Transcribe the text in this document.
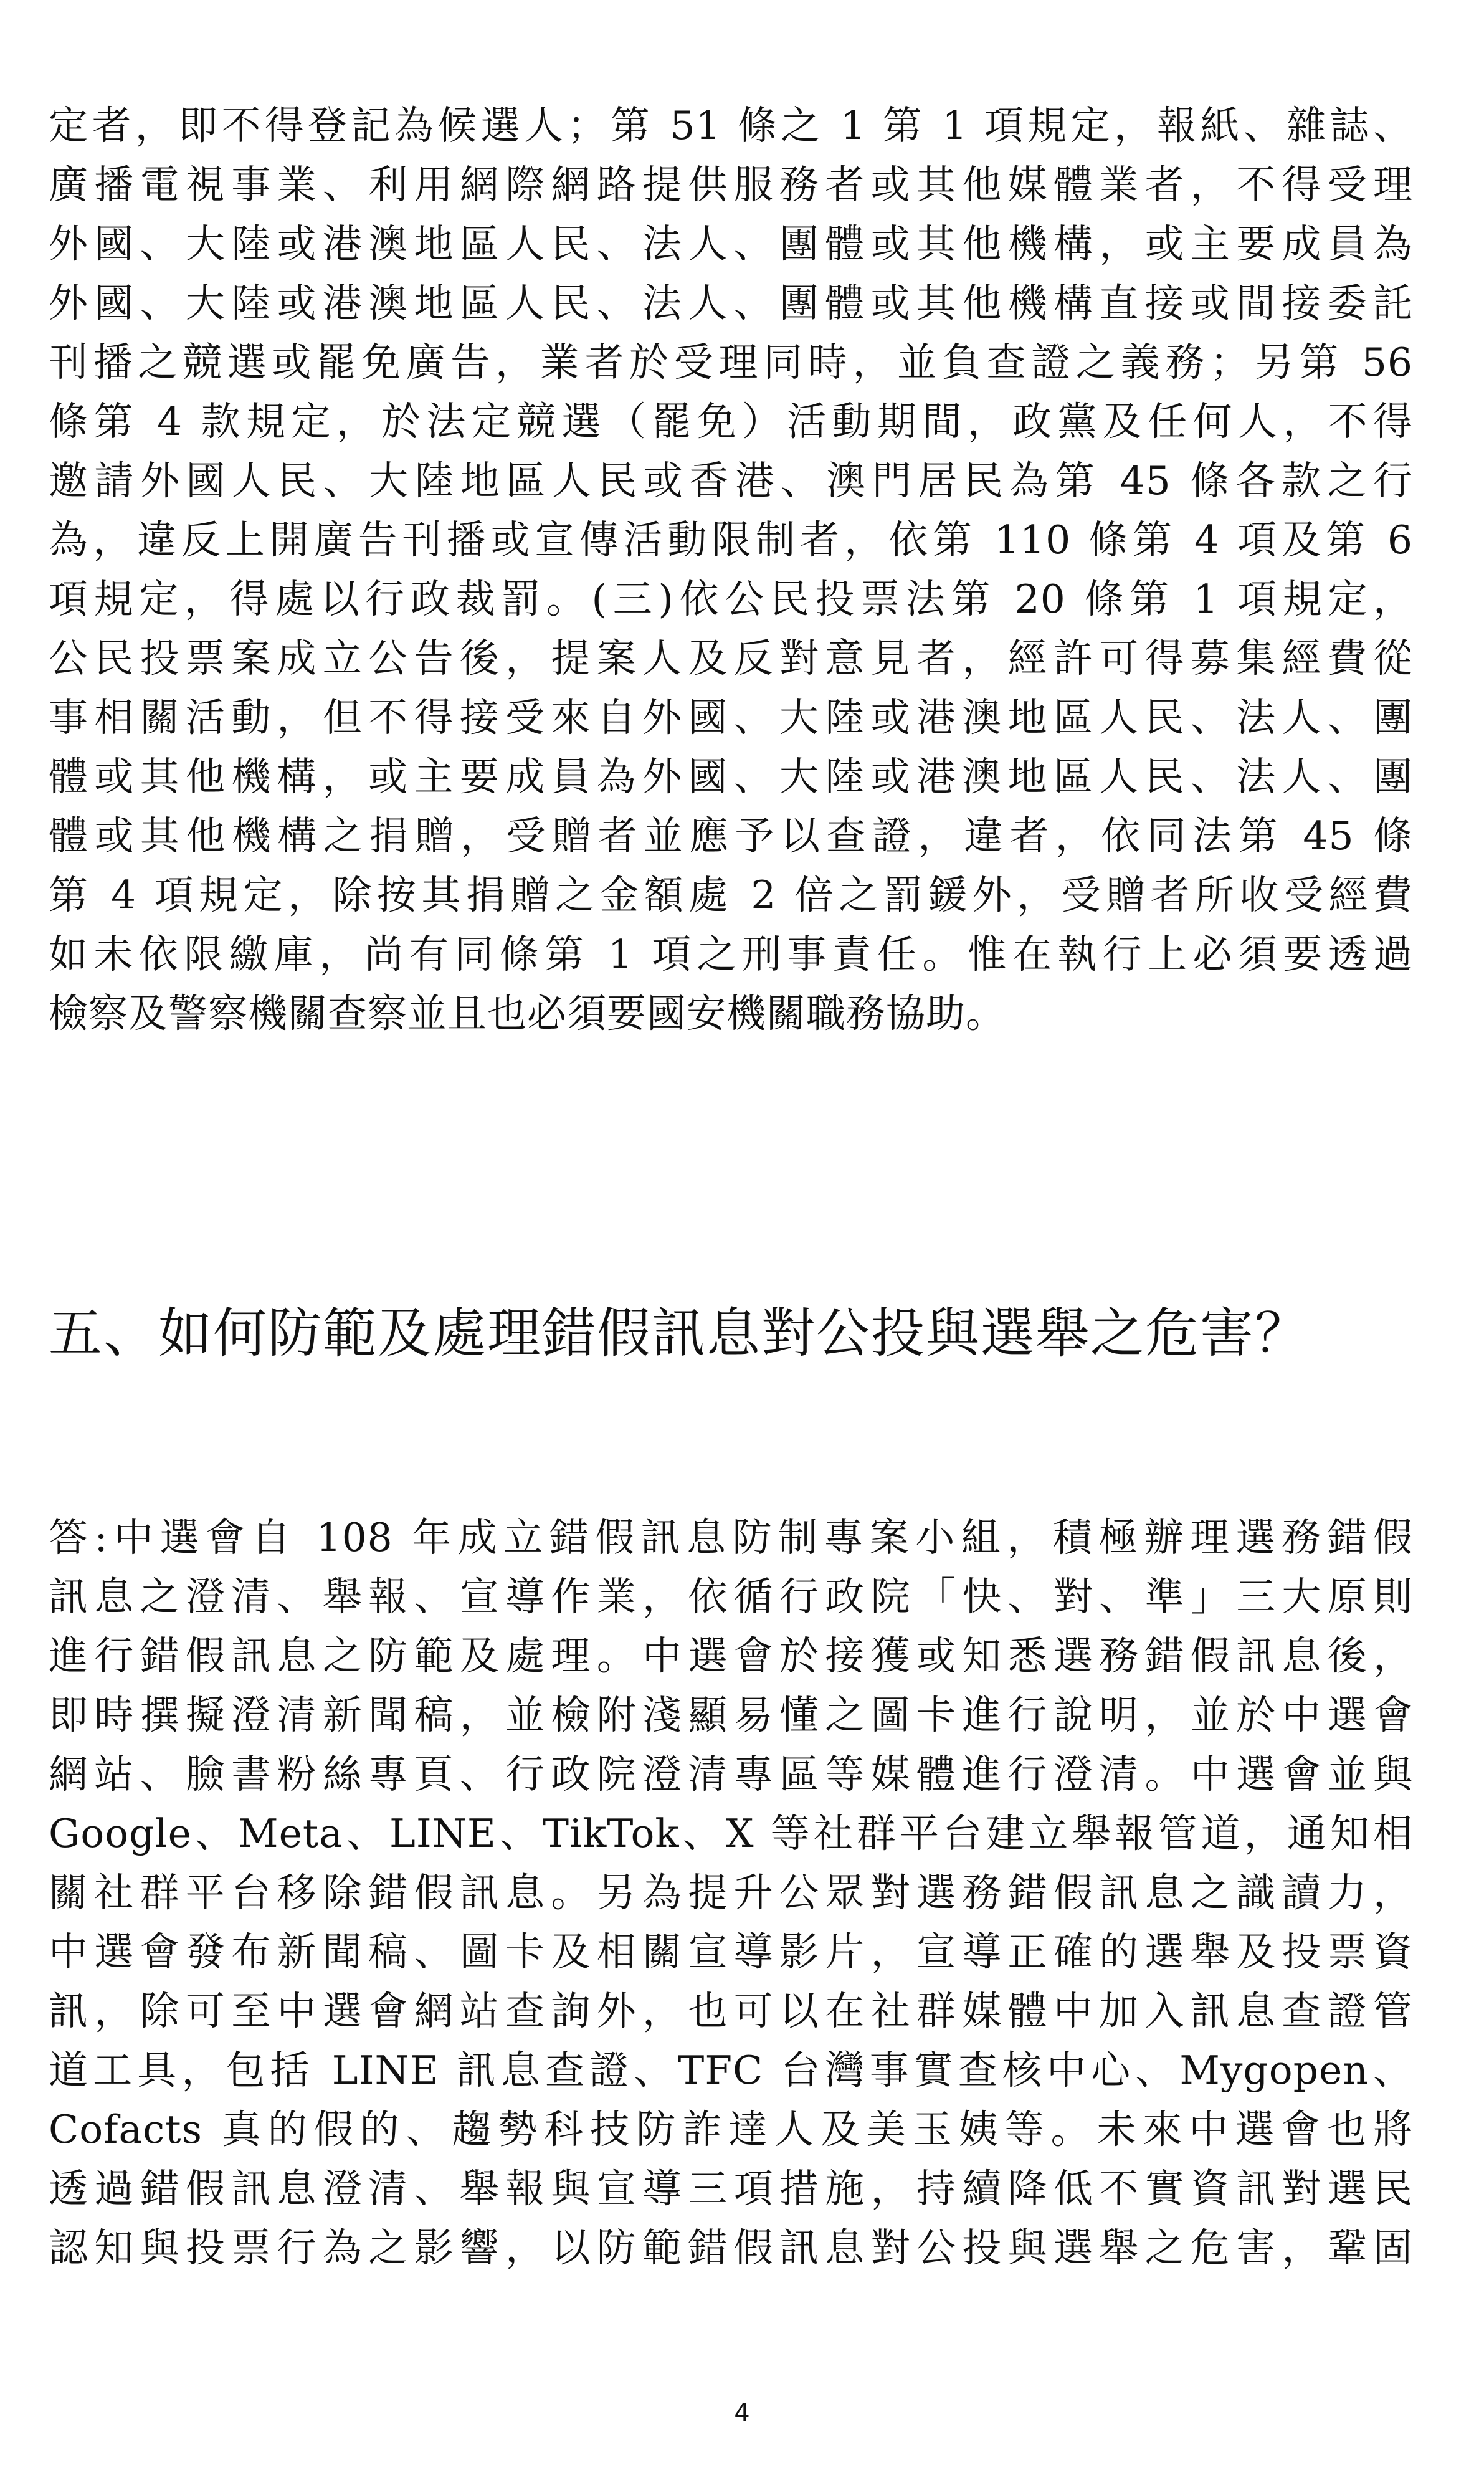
定者，即不得登記為候選人；第 51 條之 1 第 1 項規定，報紙、雜誌、
廣播電視事業、利用網際網路提供服務者或其他媒體業者，不得受理
外國、大陸或港澳地區人民、法人、團體或其他機構，或主要成員為
外國、大陸或港澳地區人民、法人、團體或其他機構直接或間接委託
刊播之競選或罷免廣告，業者於受理同時，並負查證之義務；另第 56
條第 4 款規定，於法定競選（罷免）活動期間，政黨及任何人，不得
邀請外國人民、大陸地區人民或香港、澳門居民為第 45 條各款之行
為，違反上開廣告刊播或宣傳活動限制者，依第 110 條第 4 項及第 6
項規定，得處以行政裁罰。(三)依公民投票法第 20 條第 1 項規定，
公民投票案成立公告後，提案人及反對意見者，經許可得募集經費從
事相關活動，但不得接受來自外國、大陸或港澳地區人民、法人、團
體或其他機構，或主要成員為外國、大陸或港澳地區人民、法人、團
體或其他機構之捐贈，受贈者並應予以查證，違者，依同法第 45 條
第 4 項規定，除按其捐贈之金額處 2 倍之罰鍰外，受贈者所收受經費
如未依限繳庫，尚有同條第 1 項之刑事責任。惟在執行上必須要透過
檢察及警察機關查察並且也必須要國安機關職務協助。
五、如何防範及處理錯假訊息對公投與選舉之危害？
答:中選會自 108 年成立錯假訊息防制專案小組，積極辦理選務錯假
訊息之澄清、舉報、宣導作業，依循行政院「快、對、準」三大原則
進行錯假訊息之防範及處理。中選會於接獲或知悉選務錯假訊息後，
即時撰擬澄清新聞稿，並檢附淺顯易懂之圖卡進行說明，並於中選會
網站、臉書粉絲專頁、行政院澄清專區等媒體進行澄清。中選會並與
Google、Meta、LINE、TikTok、X 等社群平台建立舉報管道，通知相
關社群平台移除錯假訊息。另為提升公眾對選務錯假訊息之識讀力，
中選會發布新聞稿、圖卡及相關宣導影片，宣導正確的選舉及投票資
訊，除可至中選會網站查詢外，也可以在社群媒體中加入訊息查證管
道工具，包括 LINE 訊息查證、TFC 台灣事實查核中心、Mygopen、
Cofacts 真的假的、趨勢科技防詐達人及美玉姨等。未來中選會也將
透過錯假訊息澄清、舉報與宣導三項措施，持續降低不實資訊對選民
認知與投票行為之影響，以防範錯假訊息對公投與選舉之危害，鞏固
4
